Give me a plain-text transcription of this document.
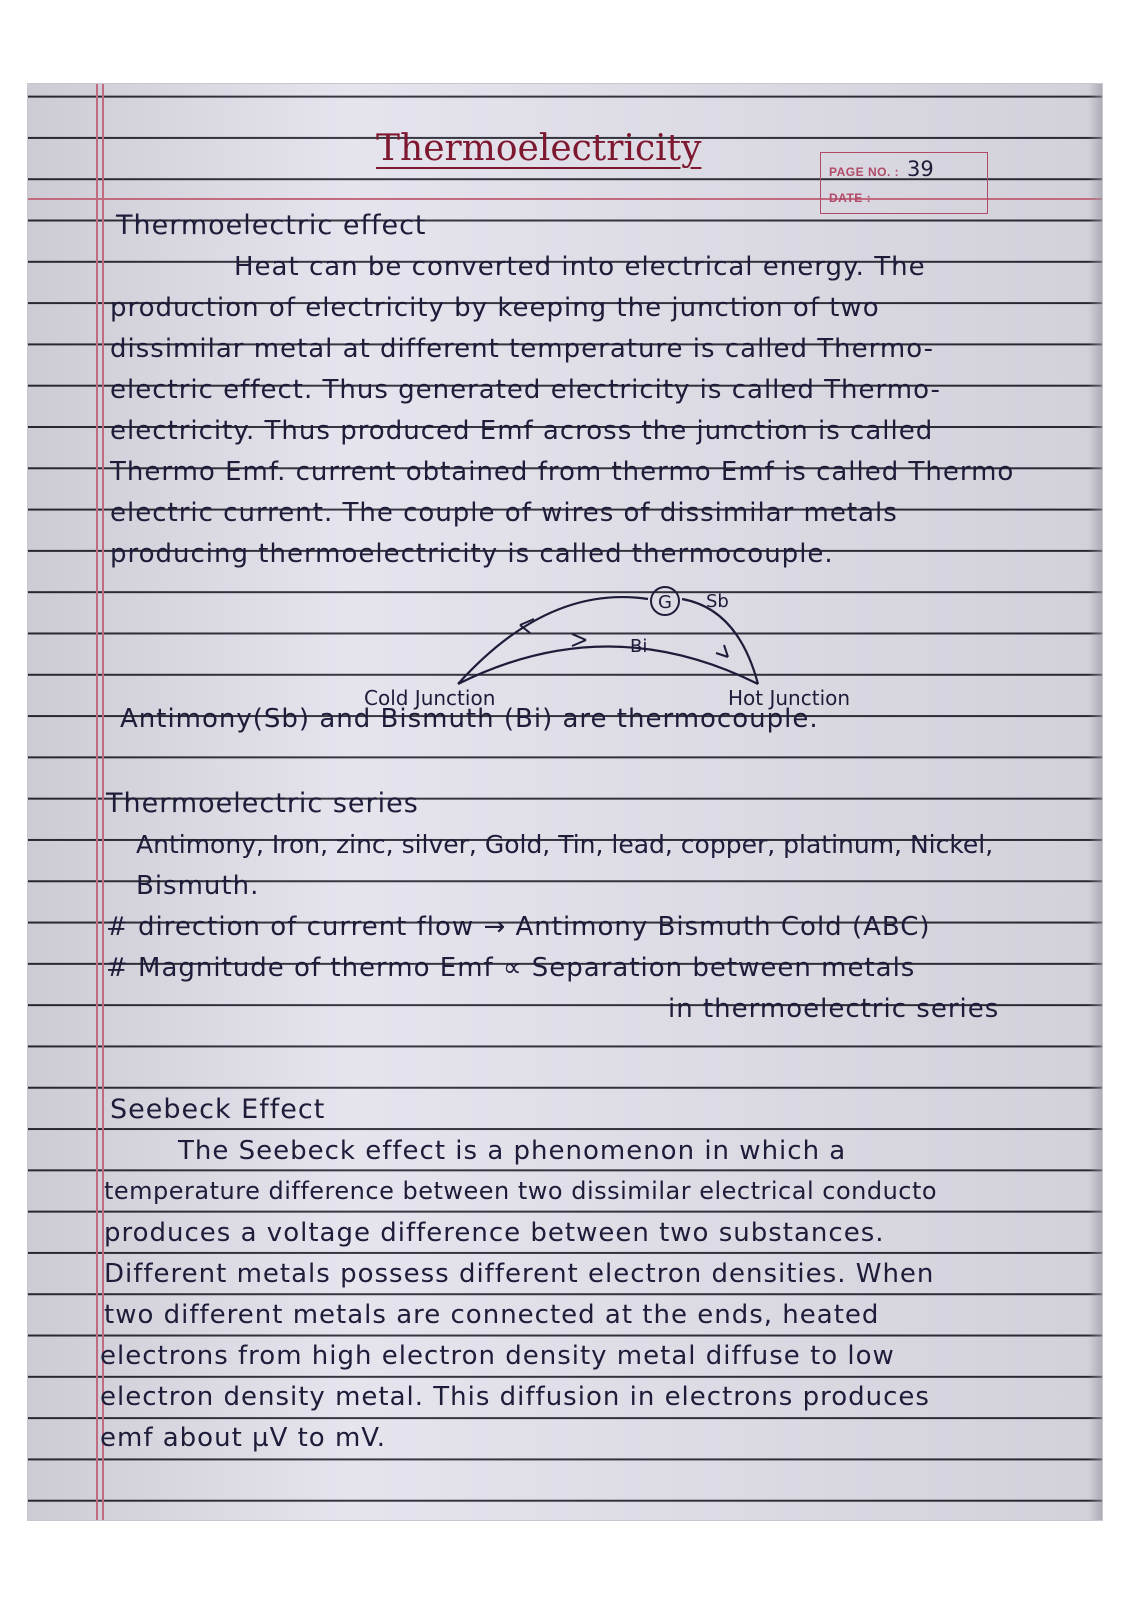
Thermoelectricity
PAGE NO. : 39
DATE :
Thermoelectric effect
Heat can be converted into electrical energy. The
production of electricity by keeping the junction of two
dissimilar metal at different temperature is called Thermo-
electric effect. Thus generated electricity is called Thermo-
electricity. Thus produced Emf across the junction is called
Thermo Emf. current obtained from thermo Emf is called Thermo
electric current. The couple of wires of dissimilar metals
producing thermoelectricity is called thermocouple.
G Sb
Bi
Cold Junction	Hot Junction
Antimony(Sb) and Bismuth (Bi) are thermocouple.
Thermoelectric series
Antimony, Iron, zinc, silver, Gold, Tin, lead, copper, platinum, Nickel,
Bismuth.
# direction of current flow → Antimony Bismuth Cold (ABC)
# Magnitude of thermo Emf ∝ Separation between metals
in thermoelectric series
Seebeck Effect
The Seebeck effect is a phenomenon in which a
temperature difference between two dissimilar electrical conducto
produces a voltage difference between two substances.
Different metals possess different electron densities. When
two different metals are connected at the ends, heated
electrons from high electron density metal diffuse to low
electron density metal. This diffusion in electrons produces
emf about µV to mV.
